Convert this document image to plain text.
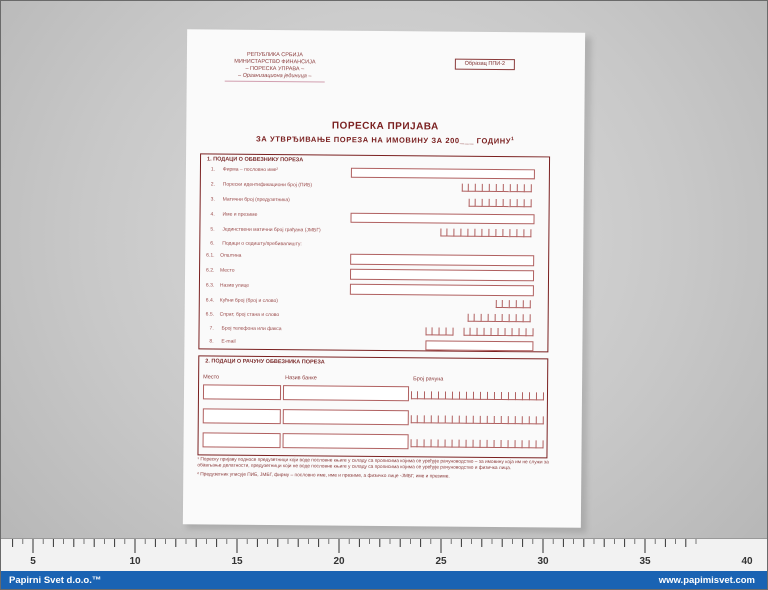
РЕПУБЛИКА СРБИЈА
МИНИСТАРСТВО ФИНАНСИЈА
– ПОРЕСКА УПРАВА –
– Организациона јединица –
Образац ППИ-2
ПОРЕСКА ПРИЈАВА
ЗА УТВРЂИВАЊЕ ПОРЕЗА НА ИМОВИНУ ЗА 200___ ГОДИНУ$^1$
1. ПОДАЦИ О ОБВЕЗНИКУ ПОРЕЗА
1. Фирма – пословно име²
2. Порески идентификациони број (ПИБ)
3. Матични број (предузетника)
4. Име и презиме
5. Јединствени матични број грађана (ЈМБГ)
6. Подаци о седишту/пребивалишту:
6.1. Општина
6.2. Место
6.3. Назив улице
6.4. Кућни број (број и слово)
6.5. Спрат, број стана и слово
7. Број телефона или факса
8. E-mail
2. ПОДАЦИ О РАЧУНУ ОБВЕЗНИКА ПОРЕЗА
Место	Назив банке	Број рачуна

¹ Пореску пријаву подносе предузетници који воде пословне књиге у складу са прописима којима се уређује рачуноводство – за имовину која им не служи за обављање делатности, предузетници који не воде пословне књиге у складу са прописима којима се уређује рачуноводство и физичка лица.

² Предузетник уписује ПИБ, ЈМБГ, фирму – пословно име, име и презиме, а физичко лице -ЈМБГ, име и презиме.

5	10	15	20	25	30	35	40
Papirni Svet d.o.o.™	www.papimisvet.com
